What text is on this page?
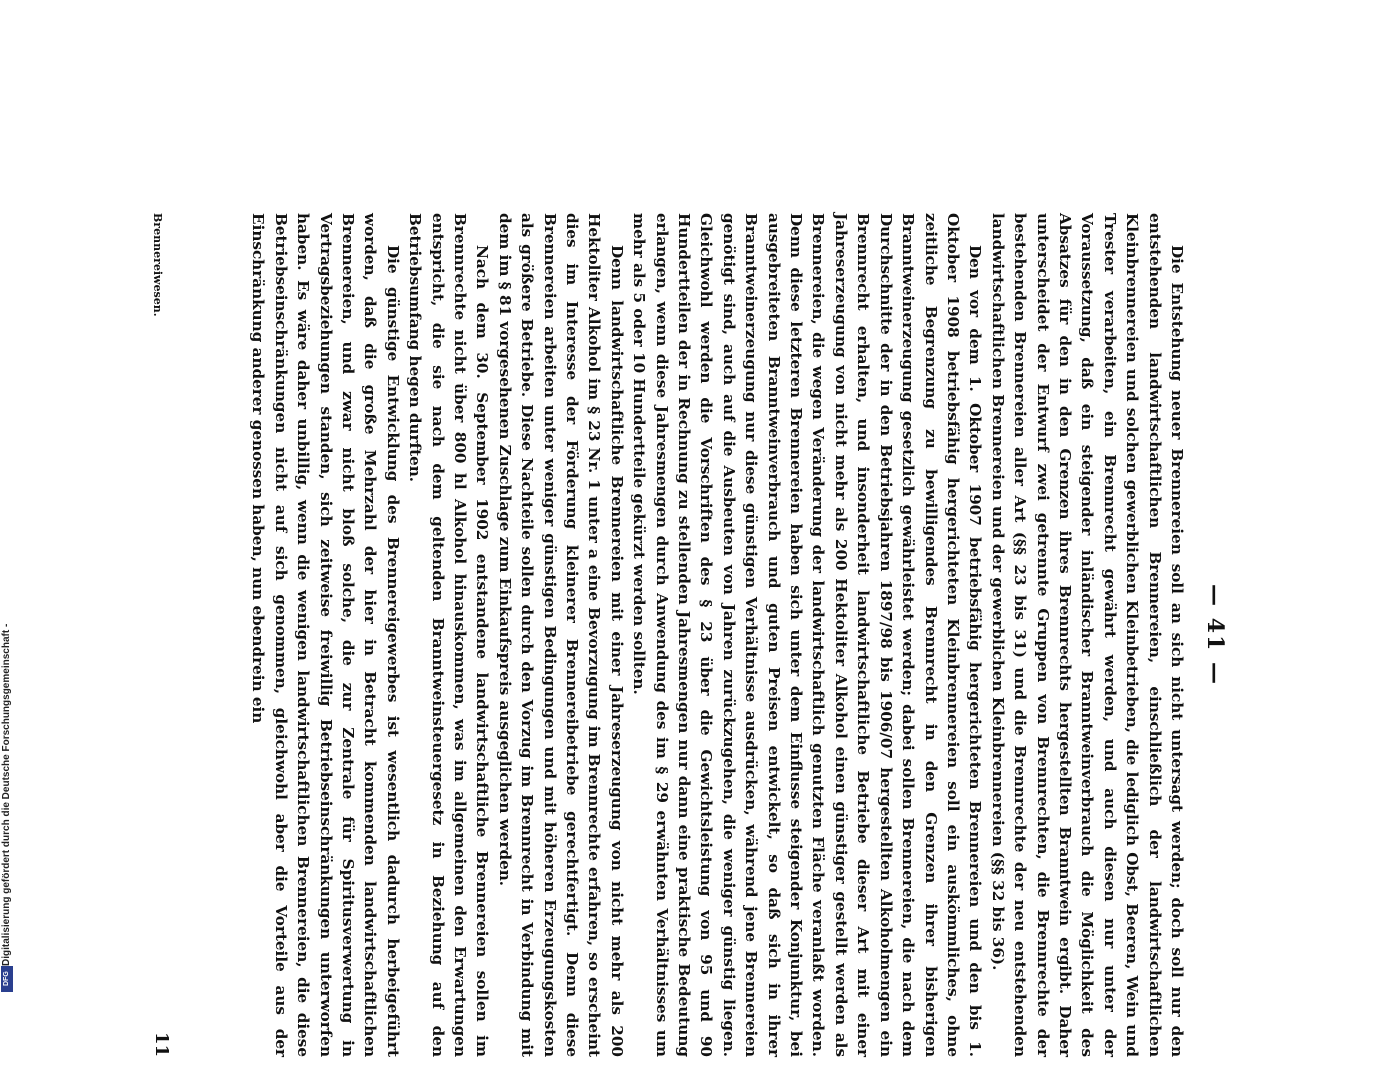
Digitalisierung gefördert durch die Deutsche Forschungsgemeinschaft -
DFG
— 41 —

Die Entstehung neuer Brennereien soll an sich nicht untersagt werden; doch soll nur den entstehenden landwirtschaftlichen Brennereien, einschließlich der landwirtschaftlichen Kleinbrennereien und solchen gewerblichen Kleinbetrieben, die lediglich Obst, Beeren, Wein und Trester verarbeiten, ein Brennrecht gewährt werden, und auch diesen nur unter der Voraussetzung, daß ein steigender inländischer Branntweinverbrauch die Möglichkeit des Absatzes für den in den Grenzen ihres Brennrechts hergestellten Branntwein ergibt. Daher unterscheidet der Entwurf zwei getrennte Gruppen von Brennrechten, die Brennrechte der bestehenden Brennereien aller Art (§§ 23 bis 31) und die Brennrechte der neu entstehenden landwirtschaftlichen Brennereien und der gewerblichen Kleinbrennereien (§§ 32 bis 36).

Den vor dem 1. Oktober 1907 betriebsfähig hergerichteten Brennereien und den bis 1. Oktober 1908 betriebsfähig hergerichteten Kleinbrennereien soll ein auskömmliches, ohne zeitliche Begrenzung zu bewilligendes Brennrecht in den Grenzen ihrer bisherigen Branntweinerzeugung gesetzlich gewährleistet werden; dabei sollen Brennereien, die nach dem Durchschnitte der in den Betriebsjahren 1897/98 bis 1906/07 hergestellten Alkoholmengen ein Brennrecht erhalten, und insonderheit landwirtschaftliche Betriebe dieser Art mit einer Jahreserzeugung von nicht mehr als 200 Hektoliter Alkohol einen günstiger gestellt werden als Brennereien, die wegen Veränderung der landwirtschaftlich genutzten Fläche veranlaßt worden. Denn diese letzteren Brennereien haben sich unter dem Einflusse steigender Konjunktur, bei ausgebreiteten Branntweinverbrauch und guten Preisen entwickelt, so daß sich in ihrer Branntweinerzeugung nur diese günstigen Verhältnisse ausdrücken, während jene Brennereien genötigt sind, auch auf die Ausbeuten von Jahren zurückzugehen, die weniger günstig liegen. Gleichwohl werden die Vorschriften des § 23 über die Gewichtsleistung von 95 und 90 Hundertteilen der in Rechnung zu stellenden Jahresmengen nur dann eine praktische Bedeutung erlangen, wenn diese Jahresmengen durch Anwendung des im § 29 erwähnten Verhältnisses um mehr als 5 oder 10 Hundertteile gekürzt werden sollten.

Denn landwirtschaftliche Brennereien mit einer Jahreserzeugung von nicht mehr als 200 Hektoliter Alkohol im § 23 Nr. 1 unter a eine Bevorzugung im Brennrechte erfahren, so erscheint dies im Interesse der Förderung kleinerer Brennereibetriebe gerechtfertigt. Denn diese Brennereien arbeiten unter weniger günstigen Bedingungen und mit höheren Erzeugungskosten als größere Betriebe. Diese Nachteile sollen durch den Vorzug im Brennrecht in Verbindung mit dem im § 81 vorgesehenen Zuschlage zum Einkaufspreis ausgeglichen werden.

Nach dem 30. September 1902 entstandene landwirtschaftliche Brennereien sollen im Brennrechte nicht über 800 hl Alkohol hinauskommen, was im allgemeinen den Erwartungen entspricht, die sie nach dem geltenden Branntweinsteuergesetz in Beziehung auf den Betriebsumfang hegen durften.

Die günstige Entwicklung des Brennereigewerbes ist wesentlich dadurch herbeigeführt worden, daß die große Mehrzahl der hier in Betracht kommenden landwirtschaftlichen Brennereien, und zwar nicht bloß solche, die zur Zentrale für Spiritusverwertung in Vertragsbeziehungen standen, sich zeitweise freiwillig Betriebseinschränkungen unterworfen haben. Es wäre daher unbillig, wenn die wenigen landwirtschaftlichen Brennereien, die diese Betriebseinschränkungen nicht auf sich genommen, gleichwohl aber die Vorteile aus der Einschränkung anderer genossen haben, nun ebendrein ein

Brennereiwesen.
11
